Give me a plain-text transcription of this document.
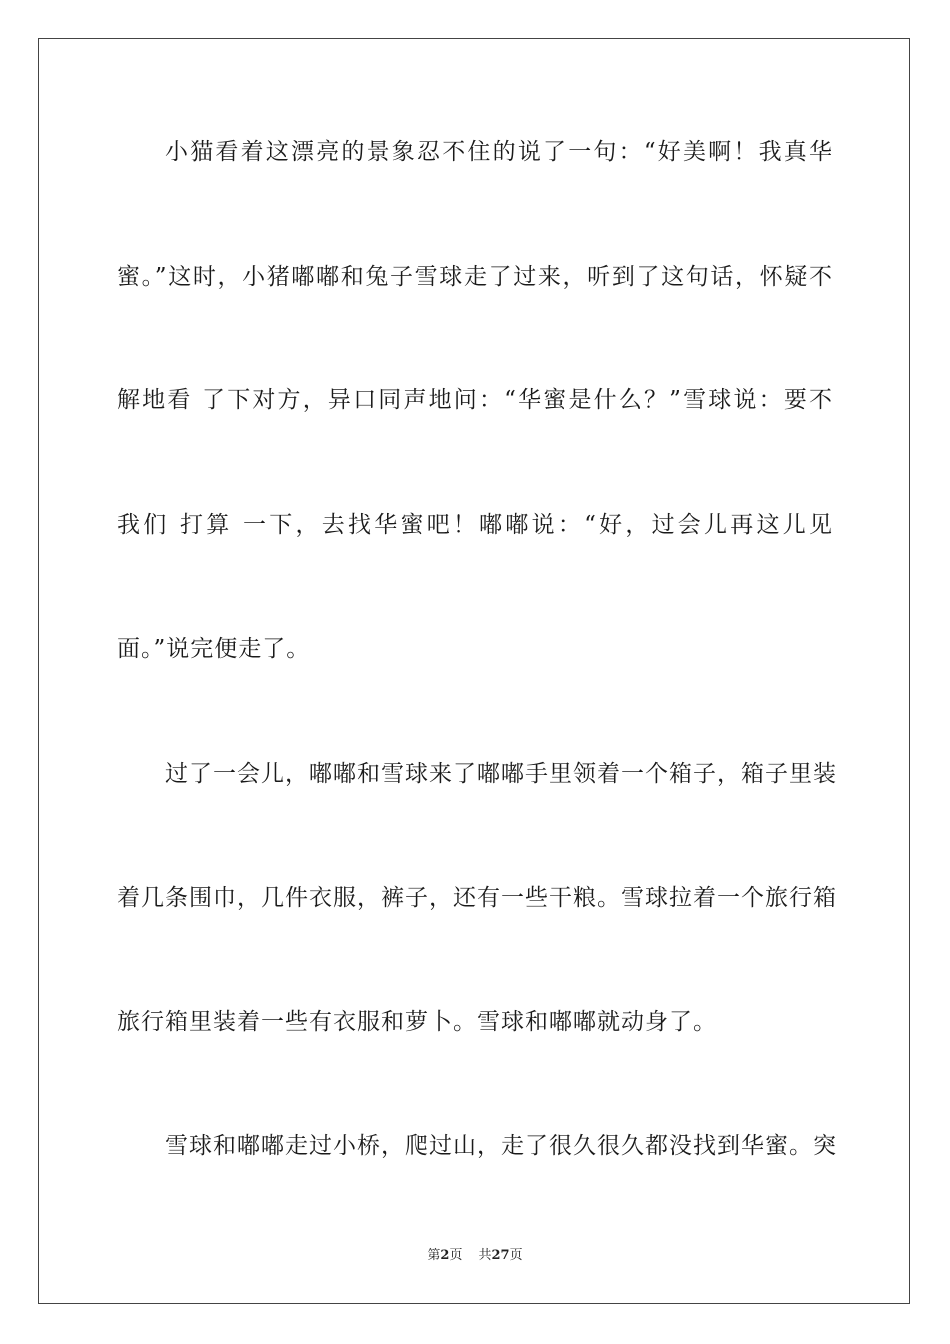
小猫看着这漂亮的景象忍不住的说了一句：“好美啊！我真华
蜜。”这时，小猪嘟嘟和兔子雪球走了过来，听到了这句话，怀疑不
解地看 了下对方，异口同声地问：“华蜜是什么？”雪球说：要不
我们 打算 一下，去找华蜜吧！嘟嘟说：“好，过会儿再这儿见
面。”说完便走了。
过了一会儿，嘟嘟和雪球来了嘟嘟手里领着一个箱子，箱子里装
着几条围巾，几件衣服，裤子，还有一些干粮。雪球拉着一个旅行箱
旅行箱里装着一些有衣服和萝卜。雪球和嘟嘟就动身了。
雪球和嘟嘟走过小桥，爬过山，走了很久很久都没找到华蜜。突
第2页 共27页
